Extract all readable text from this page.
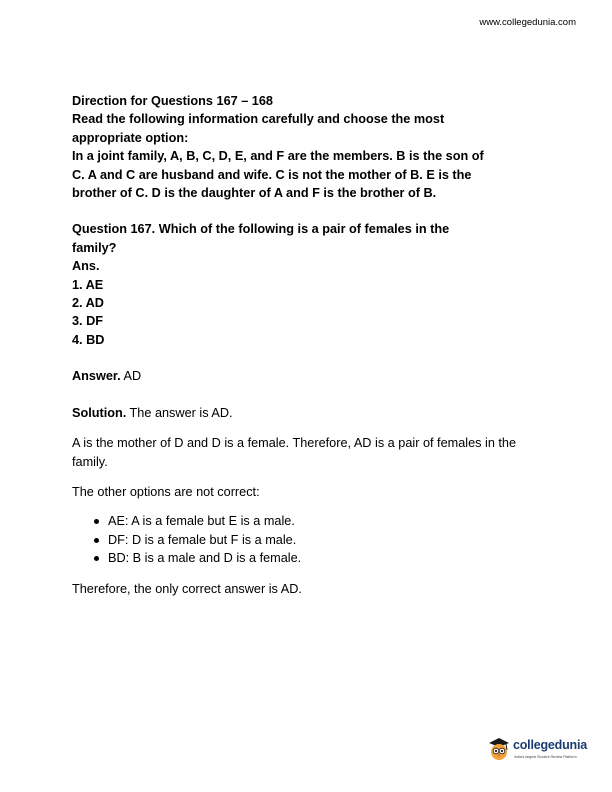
www.collegedunia.com
Direction for Questions 167 – 168
Read the following information carefully and choose the most
appropriate option:
In a joint family, A, B, C, D, E, and F are the members. B is the son of
C. A and C are husband and wife. C is not the mother of B. E is the
brother of C. D is the daughter of A and F is the brother of B.
Question 167. Which of the following is a pair of females in the
family?
Ans.
1. AE
2. AD
3. DF
4. BD

Answer. AD

Solution. The answer is AD.

A is the mother of D and D is a female. Therefore, AD is a pair of females in the family.

The other options are not correct:

AE: A is a female but E is a male.
DF: D is a female but F is a male.
BD: B is a male and D is a female.

Therefore, the only correct answer is AD.

collegedunia
India's largest Student Review Platform
